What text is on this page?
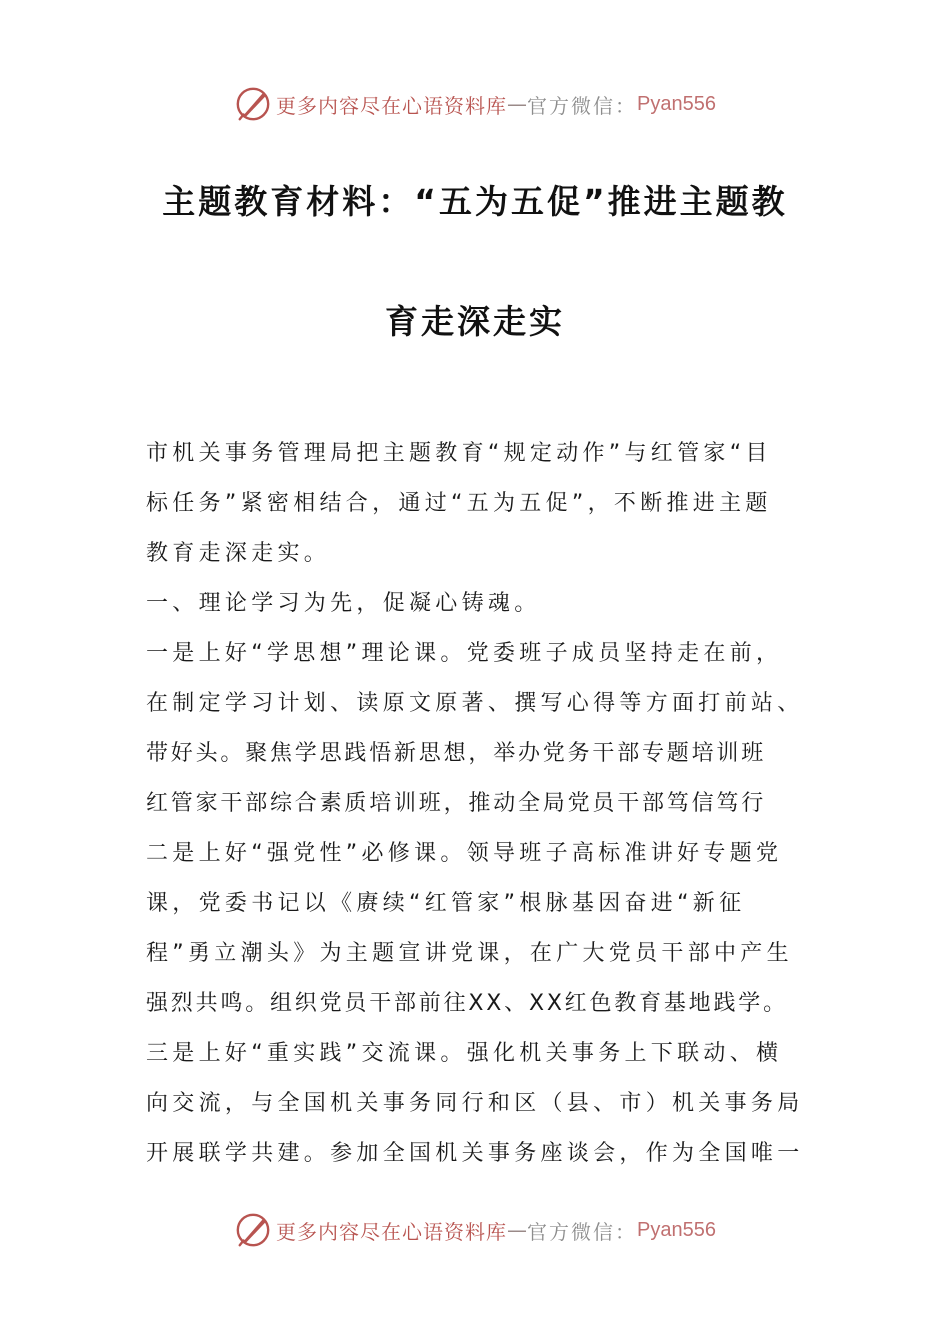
更多内容尽在心语资料库 — 官方微信： Pyan556
主题教育材料：“五为五促”推进主题教
育走深走实
市机关事务管理局把主题教育“规定动作”与红管家“目
标任务”紧密相结合，通过“五为五促”，不断推进主题
教育走深走实。
一、理论学习为先，促凝心铸魂。
一是上好“学思想”理论课。党委班子成员坚持走在前，
在制定学习计划、读原文原著、撰写心得等方面打前站、
带好头。聚焦学思践悟新思想，举办党务干部专题培训班
红管家干部综合素质培训班，推动全局党员干部笃信笃行
二是上好“强党性”必修课。领导班子高标准讲好专题党
课，党委书记以《赓续“红管家”根脉基因奋进“新征
程”勇立潮头》为主题宣讲党课，在广大党员干部中产生
强烈共鸣。组织党员干部前往XX、XX红色教育基地践学。
三是上好“重实践”交流课。强化机关事务上下联动、横
向交流，与全国机关事务同行和区（县、市）机关事务局
开展联学共建。参加全国机关事务座谈会，作为全国唯一
更多内容尽在心语资料库 — 官方微信： Pyan556
